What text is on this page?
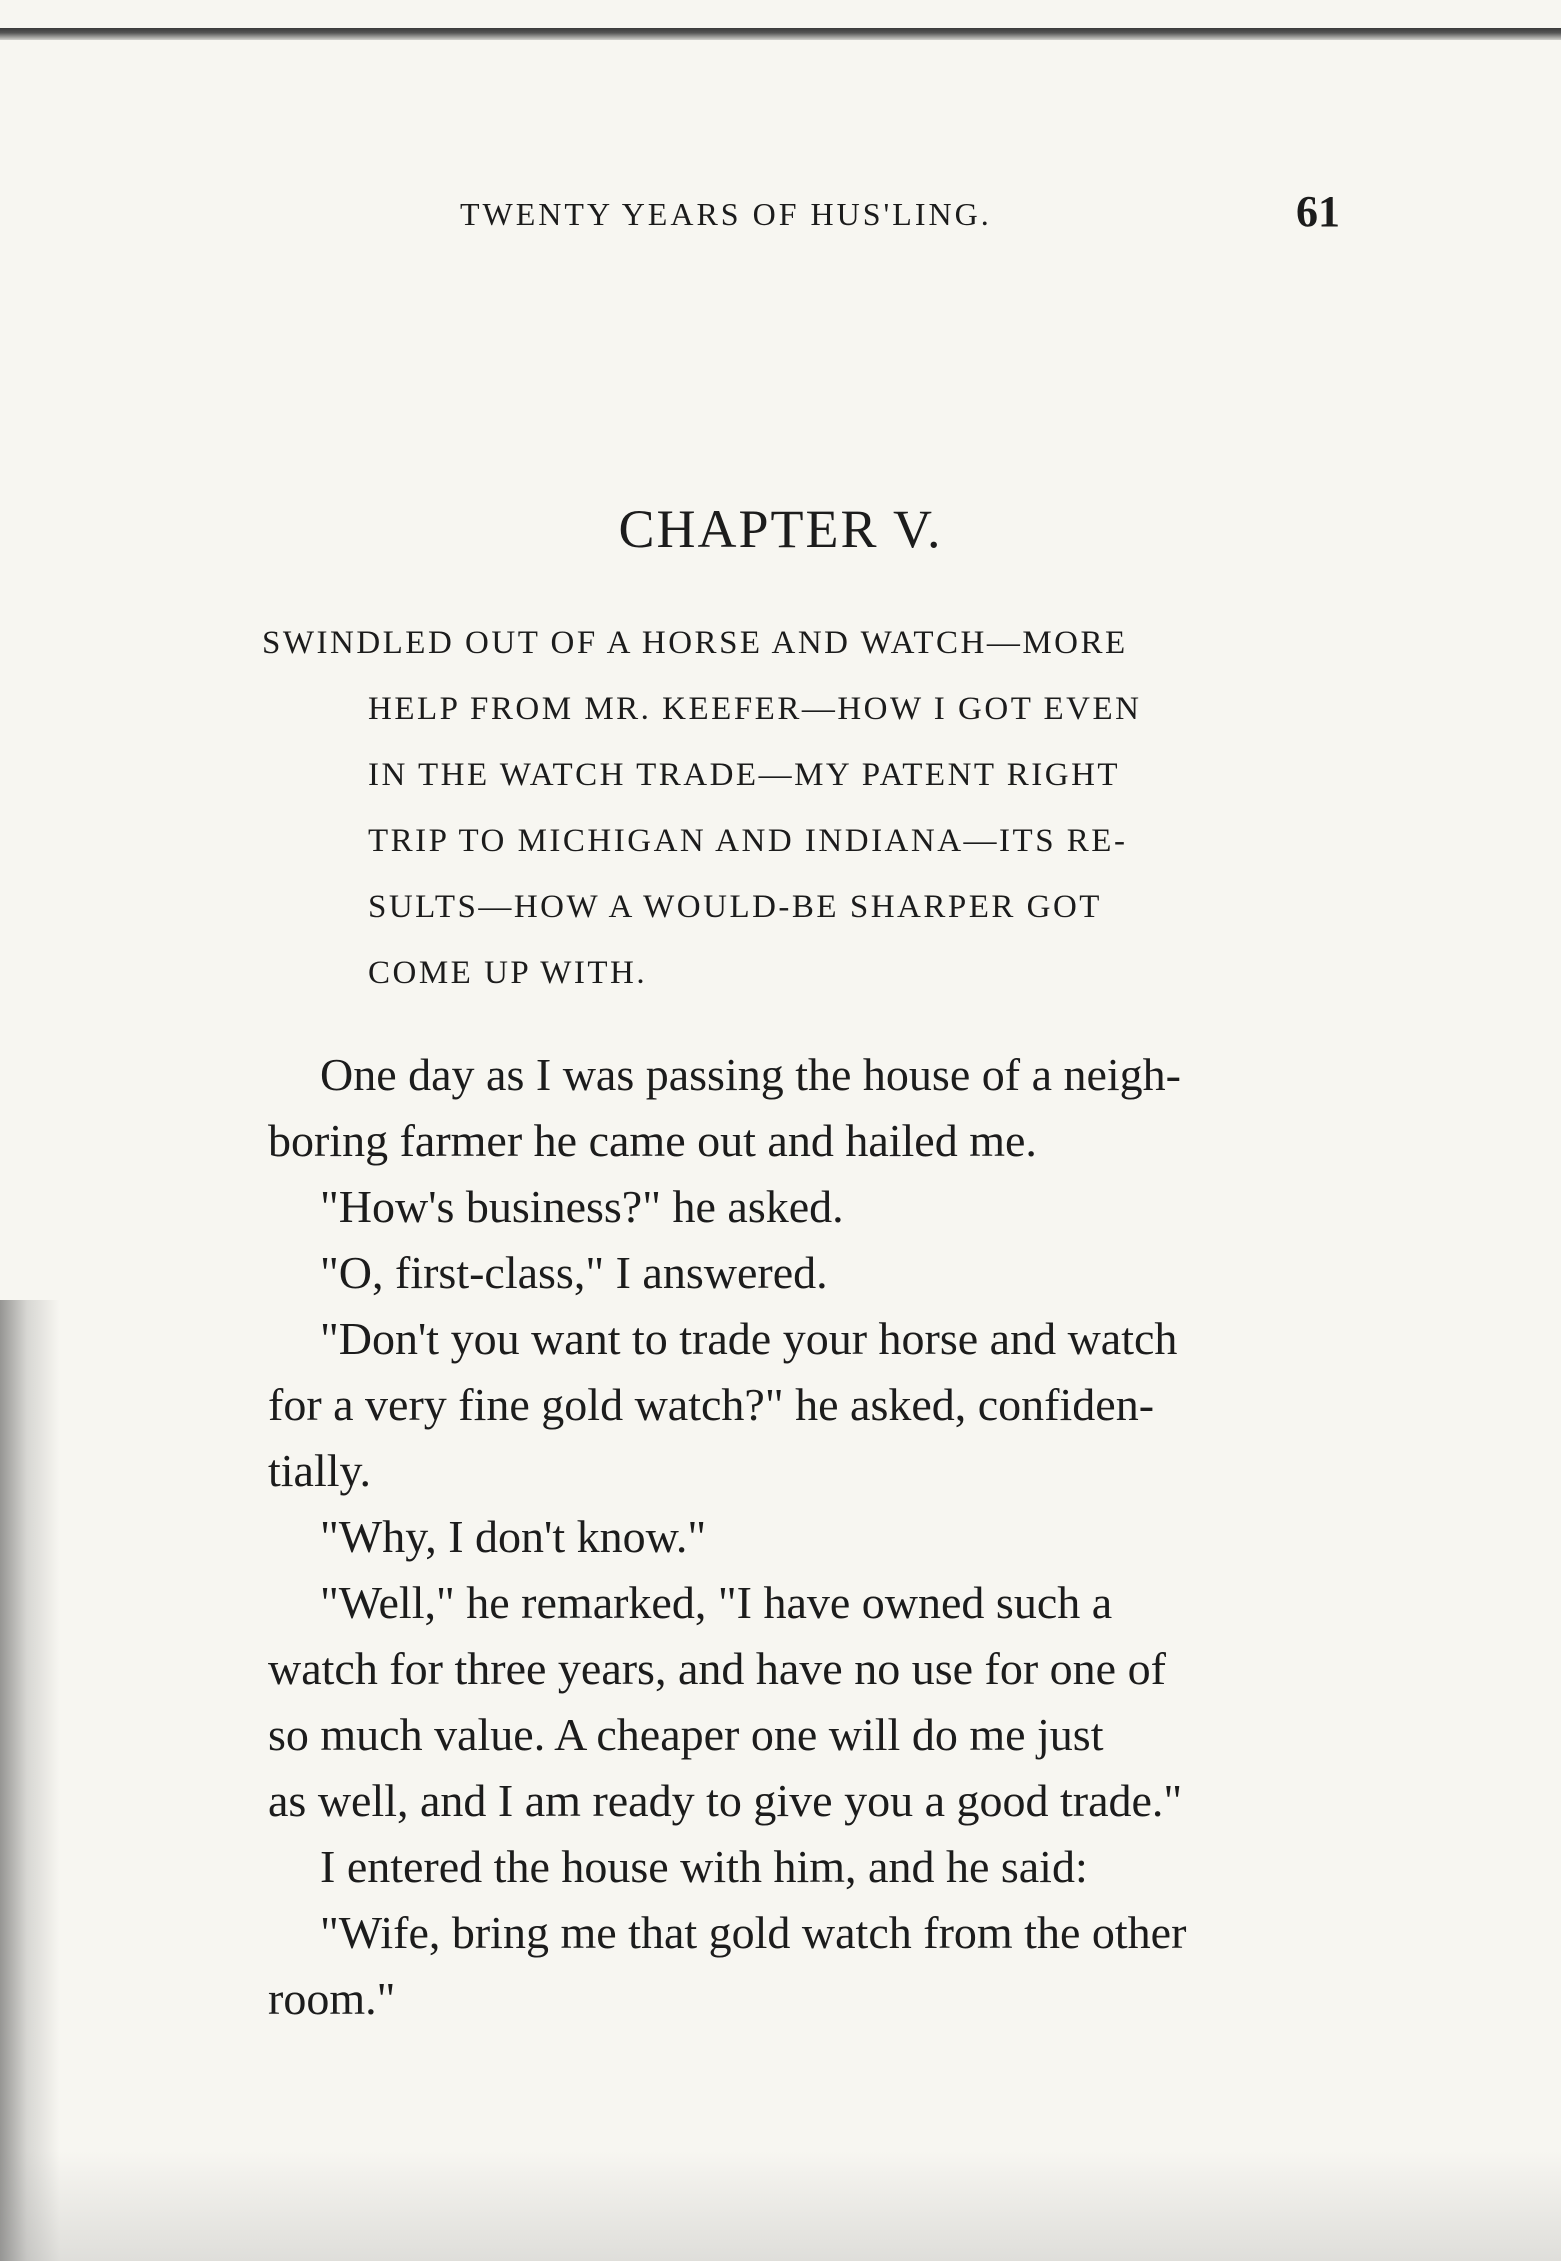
TWENTY YEARS OF HUS'LING.	61
CHAPTER V.
SWINDLED OUT OF A HORSE AND WATCH—MORE
HELP FROM MR. KEEFER—HOW I GOT EVEN
IN THE WATCH TRADE—MY PATENT RIGHT
TRIP TO MICHIGAN AND INDIANA—ITS RE-
SULTS—HOW A WOULD-BE SHARPER GOT
COME UP WITH.
One day as I was passing the house of a neigh-
boring farmer he came out and hailed me.
"How's business?" he asked.
"O, first-class," I answered.
"Don't you want to trade your horse and watch
for a very fine gold watch?" he asked, confiden-
tially.
"Why, I don't know."
"Well," he remarked, "I have owned such a
watch for three years, and have no use for one of
so much value. A cheaper one will do me just
as well, and I am ready to give you a good trade."
I entered the house with him, and he said:
"Wife, bring me that gold watch from the other
room."
